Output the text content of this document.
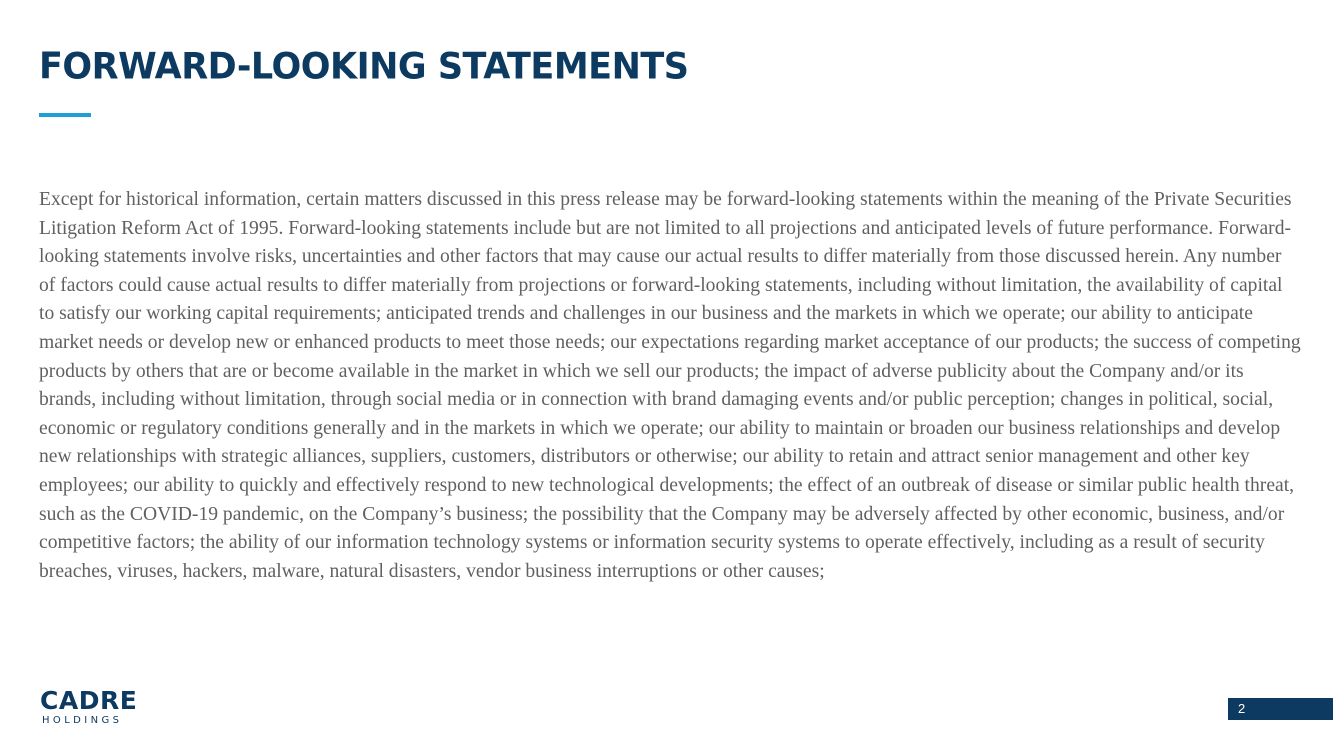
FORWARD-LOOKING STATEMENTS

Except for historical information, certain matters discussed in this press release may be forward-looking statements within the meaning of the Private Securities Litigation Reform Act of 1995. Forward-looking statements include but are not limited to all projections and anticipated levels of future performance. Forward-looking statements involve risks, uncertainties and other factors that may cause our actual results to differ materially from those discussed herein. Any number of factors could cause actual results to differ materially from projections or forward-looking statements, including without limitation, the availability of capital to satisfy our working capital requirements; anticipated trends and challenges in our business and the markets in which we operate; our ability to anticipate market needs or develop new or enhanced products to meet those needs; our expectations regarding market acceptance of our products; the success of competing products by others that are or become available in the market in which we sell our products; the impact of adverse publicity about the Company and/or its brands, including without limitation, through social media or in connection with brand damaging events and/or public perception; changes in political, social, economic or regulatory conditions generally and in the markets in which we operate; our ability to maintain or broaden our business relationships and develop new relationships with strategic alliances, suppliers, customers, distributors or otherwise; our ability to retain and attract senior management and other key employees; our ability to quickly and effectively respond to new technological developments; the effect of an outbreak of disease or similar public health threat, such as the COVID-19 pandemic, on the Company’s business; the possibility that the Company may be adversely affected by other economic, business, and/or competitive factors; the ability of our information technology systems or information security systems to operate effectively, including as a result of security breaches, viruses, hackers, malware, natural disasters, vendor business interruptions or other causes;

CADRE
HOLDINGS
2
